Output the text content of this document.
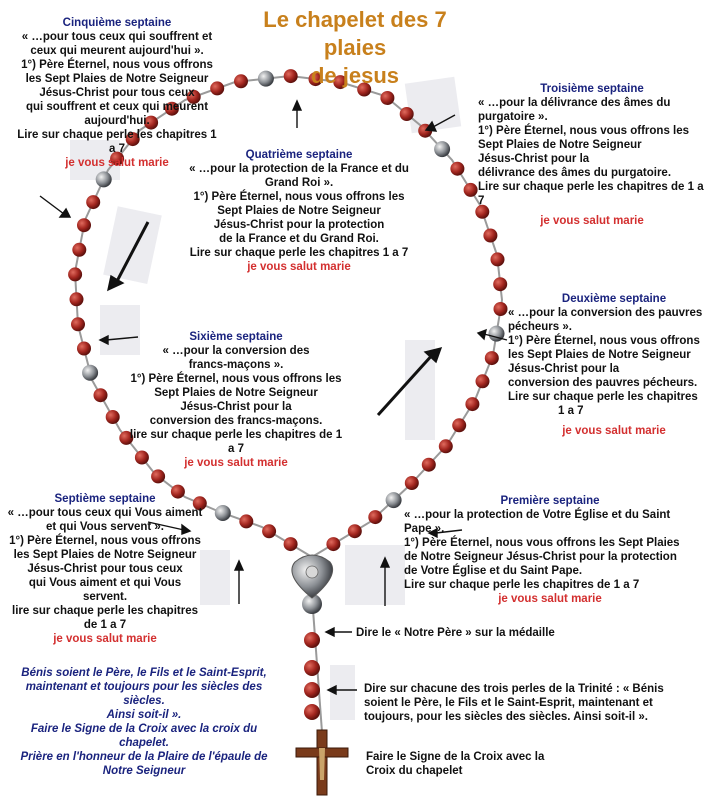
Le chapelet des 7 plaies
de jesus
Cinquième septaine
« …pour tous ceux qui souffrent et
ceux qui meurent aujourd'hui ».
1°) Père Éternel, nous vous offrons
les Sept Plaies de Notre Seigneur
Jésus-Christ pour tous ceux
qui souffrent et ceux qui meurent
aujourd'hui.
Lire sur chaque perle les chapitres 1
a 7
je vous salut marie
Quatrième septaine
« …pour la protection de la France et du
Grand Roi ».
1°) Père Éternel, nous vous offrons les
Sept Plaies de Notre Seigneur
Jésus-Christ pour la protection
de la France et du Grand Roi.
Lire sur chaque perle les chapitres 1 a 7
je vous salut marie
Troisième septaine
« …pour la délivrance des âmes du
purgatoire ».
1°) Père Éternel, nous vous offrons les
Sept Plaies de Notre Seigneur
Jésus-Christ pour la
délivrance des âmes du purgatoire.
Lire sur chaque perle les chapitres de 1 a
7
je vous salut marie
Sixième septaine
« …pour la conversion des
francs-maçons ».
1°) Père Éternel, nous vous offrons les
Sept Plaies de Notre Seigneur
Jésus-Christ pour la
conversion des francs-maçons.
lire sur chaque perle les chapitres de 1
a 7
je vous salut marie
Deuxième septaine
« …pour la conversion des pauvres
pécheurs ».
1°) Père Éternel, nous vous offrons
les Sept Plaies de Notre Seigneur
Jésus-Christ pour la
conversion des pauvres pécheurs.
Lire sur chaque perle les chapitres
1 a 7
je vous salut marie
Septième septaine
« …pour tous ceux qui Vous aiment
et qui Vous servent ».
1°) Père Éternel, nous vous offrons
les Sept Plaies de Notre Seigneur
Jésus-Christ pour tous ceux
qui Vous aiment et qui Vous
servent.
lire sur chaque perle les chapitres
de 1 a 7
je vous salut marie
Première septaine
« …pour la protection de Votre Église et du Saint
Pape ».
1°) Père Éternel, nous vous offrons les Sept Plaies
de Notre Seigneur Jésus-Christ pour la protection
de Votre Église et du Saint Pape.
Lire sur chaque perle les chapitres de 1 a 7
je vous salut marie
Bénis soient le Père, le Fils et le Saint-Esprit,
maintenant et toujours pour les siècles des
siècles.
Ainsi soit-il ».
Faire le Signe de la Croix avec la croix du
chapelet.
Prière en l'honneur de la Plaire de l'épaule de
Notre Seigneur
Dire le « Notre Père » sur la médaille
Dire sur chacune des trois perles de la Trinité : « Bénis
soient le Père, le Fils et le Saint-Esprit, maintenant et
toujours, pour les siècles des siècles. Ainsi soit-il ».
Faire le Signe de la Croix avec la
Croix du chapelet
